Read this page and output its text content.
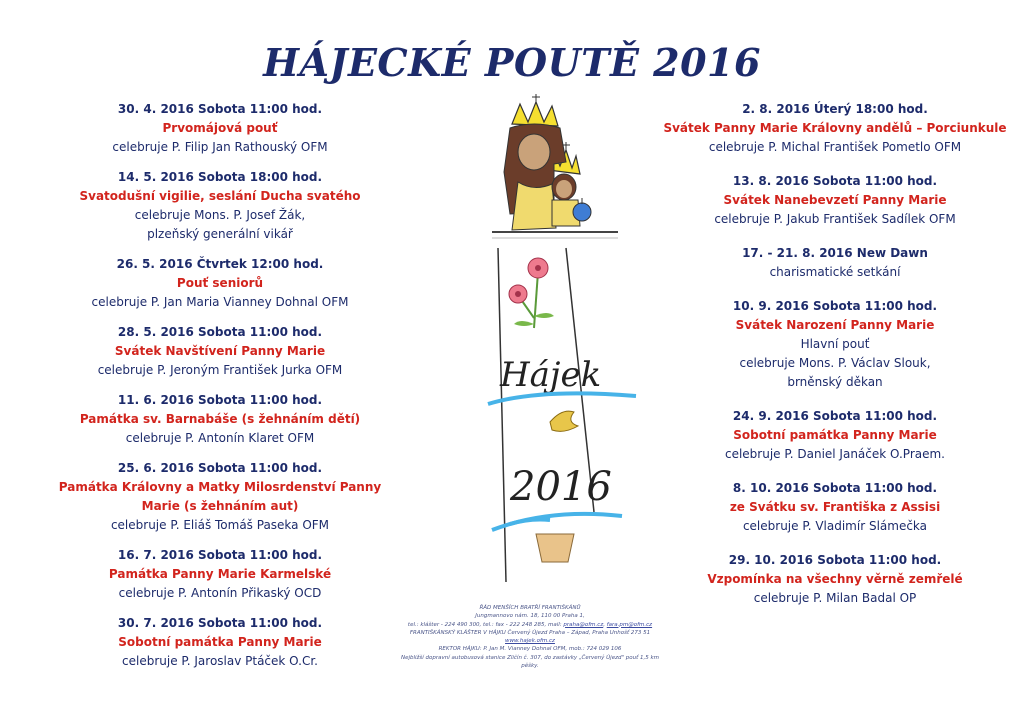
HÁJECKÉ POUTĚ 2016
30. 4. 2016 Sobota 11:00 hod.
Prvomájová pouť
celebruje P. Filip Jan Rathouský OFM
14. 5. 2016 Sobota 18:00 hod.
Svatodušní vigilie, seslání Ducha svatého
celebruje Mons. P. Josef Žák,
plzeňský generální vikář
26. 5. 2016 Čtvrtek 12:00 hod.
Pouť seniorů
celebruje P. Jan Maria Vianney Dohnal OFM
28. 5. 2016 Sobota 11:00 hod.
Svátek Navštívení Panny Marie
celebruje P. Jeroným František Jurka OFM
11. 6. 2016 Sobota 11:00 hod.
Památka sv. Barnabáše (s žehnáním dětí)
celebruje P. Antonín Klaret OFM
25. 6. 2016 Sobota 11:00 hod.
Památka Královny a Matky Milosrdenství Panny Marie (s žehnáním aut)
celebruje P. Eliáš Tomáš Paseka OFM
16. 7. 2016 Sobota 11:00 hod.
Památka Panny Marie Karmelské
celebruje P. Antonín Přikaský OCD
30. 7. 2016 Sobota 11:00 hod.
Sobotní památka Panny Marie
celebruje P. Jaroslav Ptáček O.Cr.
Hájek
2016
ŘÁD MENŠÍCH BRATŘÍ FRANTIŠKÁNŮ
Jungmannovo nám. 18, 110 00 Praha 1,
tel.: klášter - 224 490 300, tel.: fax - 222 248 285, mail: praha@ofm.cz, fara.pm@ofm.cz
FRANTIŠKÁNSKÝ KLÁŠTER V HÁJKU Červený Újezd Praha – Západ, Praha Unhošť 273 51
www.hajek.ofm.cz
REKTOR HÁJKU: P. Jan M. Vianney Dohnal OFM, mob.: 724 029 106
Nejbližší dopravní autobusová stanice Zličín č. 307, do zastávky „Červený Újezd" pouť 1,5 km pěšky.
2. 8. 2016 Úterý 18:00 hod.
Svátek Panny Marie Královny andělů – Porciunkule
celebruje P. Michal František Pometlo OFM
13. 8. 2016 Sobota 11:00 hod.
Svátek Nanebevzetí Panny Marie
celebruje P. Jakub František Sadílek OFM
17. - 21. 8. 2016 New Dawn
charismatické setkání
10. 9. 2016 Sobota 11:00 hod.
Svátek Narození Panny Marie
Hlavní pouť
celebruje Mons. P. Václav Slouk,
brněnský děkan
24. 9. 2016 Sobota 11:00 hod.
Sobotní památka Panny Marie
celebruje P. Daniel Janáček O.Praem.
8. 10. 2016 Sobota 11:00 hod.
ze Svátku sv. Františka z Assisi
celebruje P. Vladimír Slámečka
29. 10. 2016 Sobota 11:00 hod.
Vzpomínka na všechny věrně zemřelé
celebruje P. Milan Badal OP
